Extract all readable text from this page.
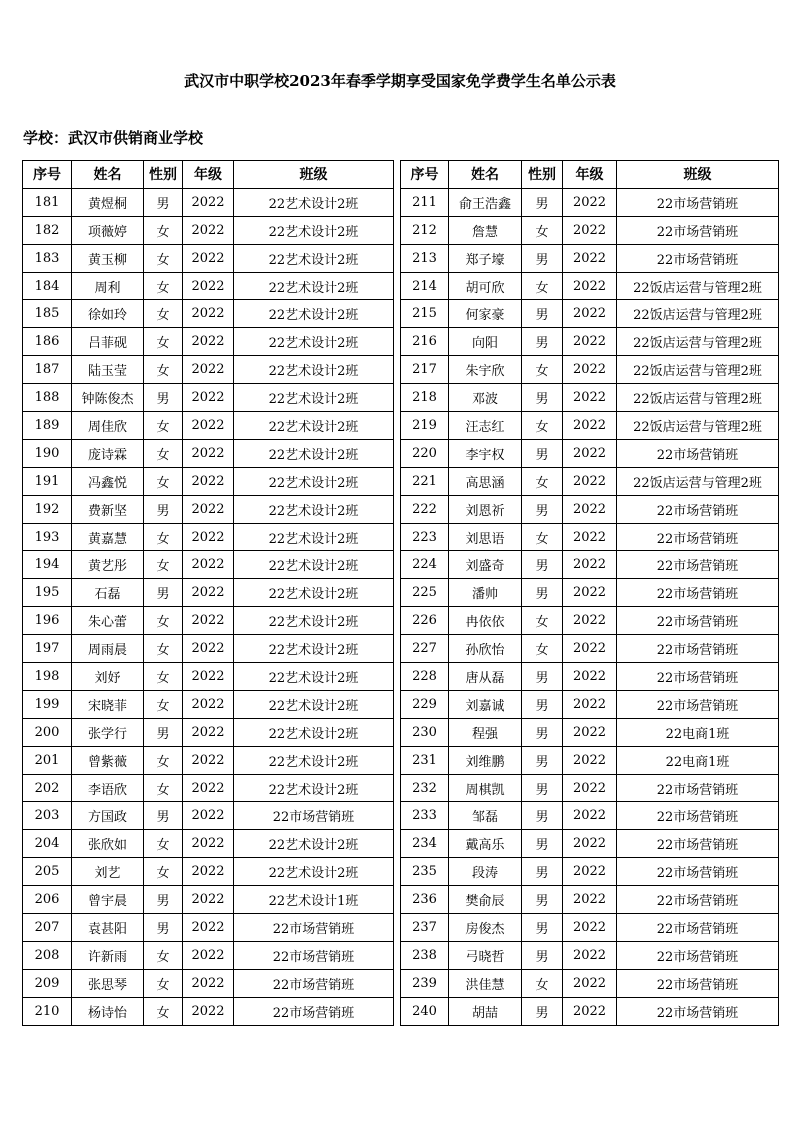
武汉市中职学校2023年春季学期享受国家免学费学生名单公示表
学校：武汉市供销商业学校
序号	姓名	性别	年级	班级
181	黄煜桐	男	2022	22艺术设计2班
182	项薇婷	女	2022	22艺术设计2班
183	黄玉柳	女	2022	22艺术设计2班
184	周利	女	2022	22艺术设计2班
185	徐如玲	女	2022	22艺术设计2班
186	吕菲砚	女	2022	22艺术设计2班
187	陆玉莹	女	2022	22艺术设计2班
188	钟陈俊杰	男	2022	22艺术设计2班
189	周佳欣	女	2022	22艺术设计2班
190	庞诗霖	女	2022	22艺术设计2班
191	冯鑫悦	女	2022	22艺术设计2班
192	费新坚	男	2022	22艺术设计2班
193	黄嘉慧	女	2022	22艺术设计2班
194	黄艺彤	女	2022	22艺术设计2班
195	石磊	男	2022	22艺术设计2班
196	朱心蕾	女	2022	22艺术设计2班
197	周雨晨	女	2022	22艺术设计2班
198	刘妤	女	2022	22艺术设计2班
199	宋晓菲	女	2022	22艺术设计2班
200	张学行	男	2022	22艺术设计2班
201	曾紫薇	女	2022	22艺术设计2班
202	李语欣	女	2022	22艺术设计2班
203	方国政	男	2022	22市场营销班
204	张欣如	女	2022	22艺术设计2班
205	刘艺	女	2022	22艺术设计2班
206	曾宇晨	男	2022	22艺术设计1班
207	袁甚阳	男	2022	22市场营销班
208	许新雨	女	2022	22市场营销班
209	张思琴	女	2022	22市场营销班
210	杨诗怡	女	2022	22市场营销班
序号	姓名	性别	年级	班级
211	俞王浩鑫	男	2022	22市场营销班
212	詹慧	女	2022	22市场营销班
213	郑子壕	男	2022	22市场营销班
214	胡可欣	女	2022	22饭店运营与管理2班
215	何家豪	男	2022	22饭店运营与管理2班
216	向阳	男	2022	22饭店运营与管理2班
217	朱宇欣	女	2022	22饭店运营与管理2班
218	邓波	男	2022	22饭店运营与管理2班
219	汪志红	女	2022	22饭店运营与管理2班
220	李宇权	男	2022	22市场营销班
221	高思涵	女	2022	22饭店运营与管理2班
222	刘恩祈	男	2022	22市场营销班
223	刘思语	女	2022	22市场营销班
224	刘盛奇	男	2022	22市场营销班
225	潘帅	男	2022	22市场营销班
226	冉依依	女	2022	22市场营销班
227	孙欣怡	女	2022	22市场营销班
228	唐从磊	男	2022	22市场营销班
229	刘嘉诚	男	2022	22市场营销班
230	程强	男	2022	22电商1班
231	刘维鹏	男	2022	22电商1班
232	周棋凯	男	2022	22市场营销班
233	邹磊	男	2022	22市场营销班
234	戴高乐	男	2022	22市场营销班
235	段涛	男	2022	22市场营销班
236	樊俞辰	男	2022	22市场营销班
237	房俊杰	男	2022	22市场营销班
238	弓晓哲	男	2022	22市场营销班
239	洪佳慧	女	2022	22市场营销班
240	胡喆	男	2022	22市场营销班
